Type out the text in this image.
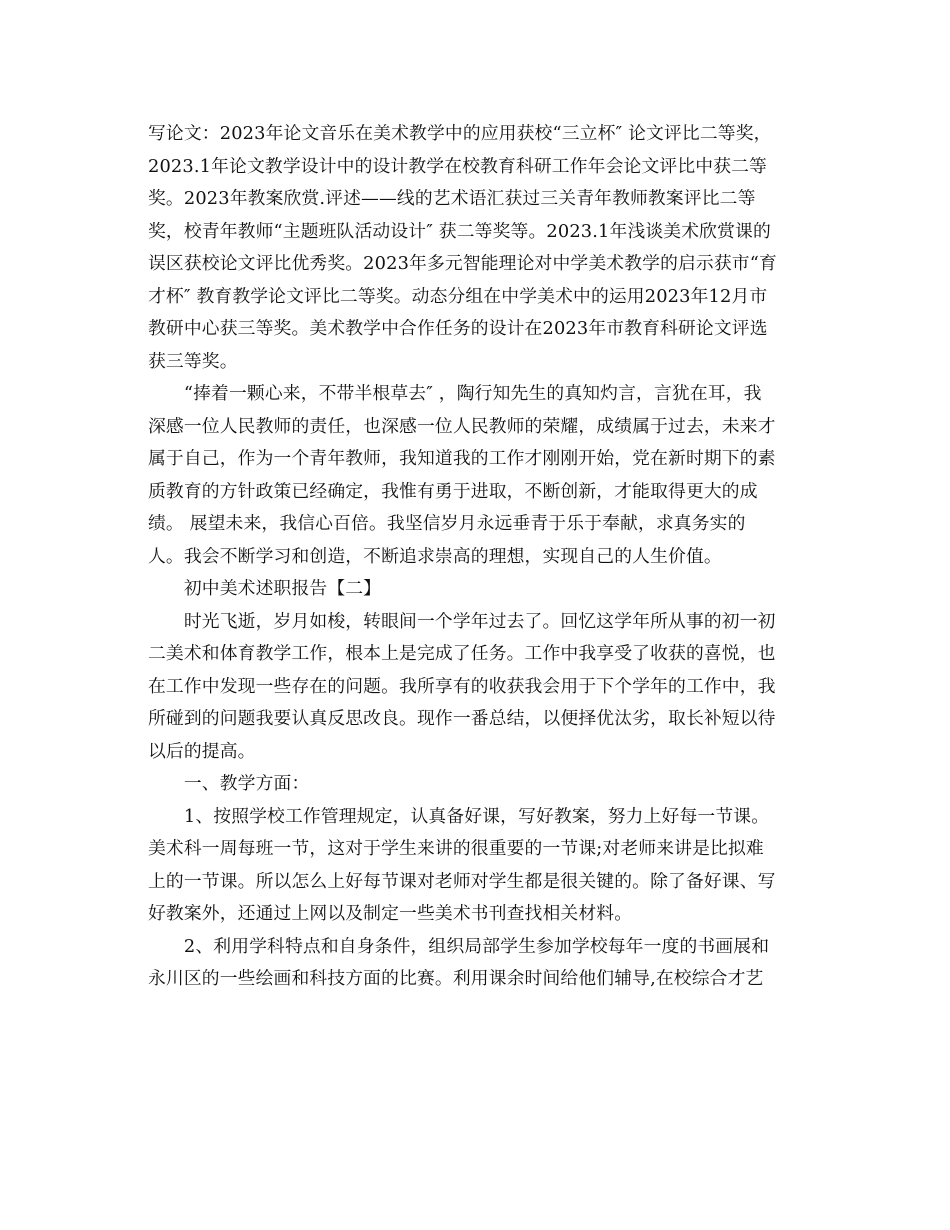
写论文：2023年论文音乐在美术教学中的应用获校“三立杯″ 论文评比二等奖，
2023.1年论文教学设计中的设计教学在校教育科研工作年会论文评比中获二等
奖。2023年教案欣赏.评述——线的艺术语汇获过三关青年教师教案评比二等
奖，校青年教师“主题班队活动设计″ 获二等奖等。2023.1年浅谈美术欣赏课的
误区获校论文评比优秀奖。2023年多元智能理论对中学美术教学的启示获市“育
才杯″ 教育教学论文评比二等奖。动态分组在中学美术中的运用2023年12月市
教研中心获三等奖。美术教学中合作任务的设计在2023年市教育科研论文评选
获三等奖。
　　“捧着一颗心来，不带半根草去″ ，陶行知先生的真知灼言，言犹在耳，我
深感一位人民教师的责任，也深感一位人民教师的荣耀，成绩属于过去，未来才
属于自己，作为一个青年教师，我知道我的工作才刚刚开始，党在新时期下的素
质教育的方针政策已经确定，我惟有勇于进取，不断创新，才能取得更大的成
绩。 展望未来，我信心百倍。我坚信岁月永远垂青于乐于奉献，求真务实的
人。我会不断学习和创造，不断追求崇高的理想，实现自己的人生价值。
　　初中美术述职报告【二】
　　时光飞逝，岁月如梭，转眼间一个学年过去了。回忆这学年所从事的初一初
二美术和体育教学工作，根本上是完成了任务。工作中我享受了收获的喜悦，也
在工作中发现一些存在的问题。我所享有的收获我会用于下个学年的工作中，我
所碰到的问题我要认真反思改良。现作一番总结，以便择优汰劣，取长补短以待
以后的提高。
　　一、教学方面：
　　1、按照学校工作管理规定，认真备好课，写好教案，努力上好每一节课。
美术科一周每班一节，这对于学生来讲的很重要的一节课;对老师来讲是比拟难
上的一节课。所以怎么上好每节课对老师对学生都是很关键的。除了备好课、写
好教案外，还通过上网以及制定一些美术书刊查找相关材料。
　　2、利用学科特点和自身条件，组织局部学生参加学校每年一度的书画展和
永川区的一些绘画和科技方面的比赛。利用课余时间给他们辅导,在校综合才艺
